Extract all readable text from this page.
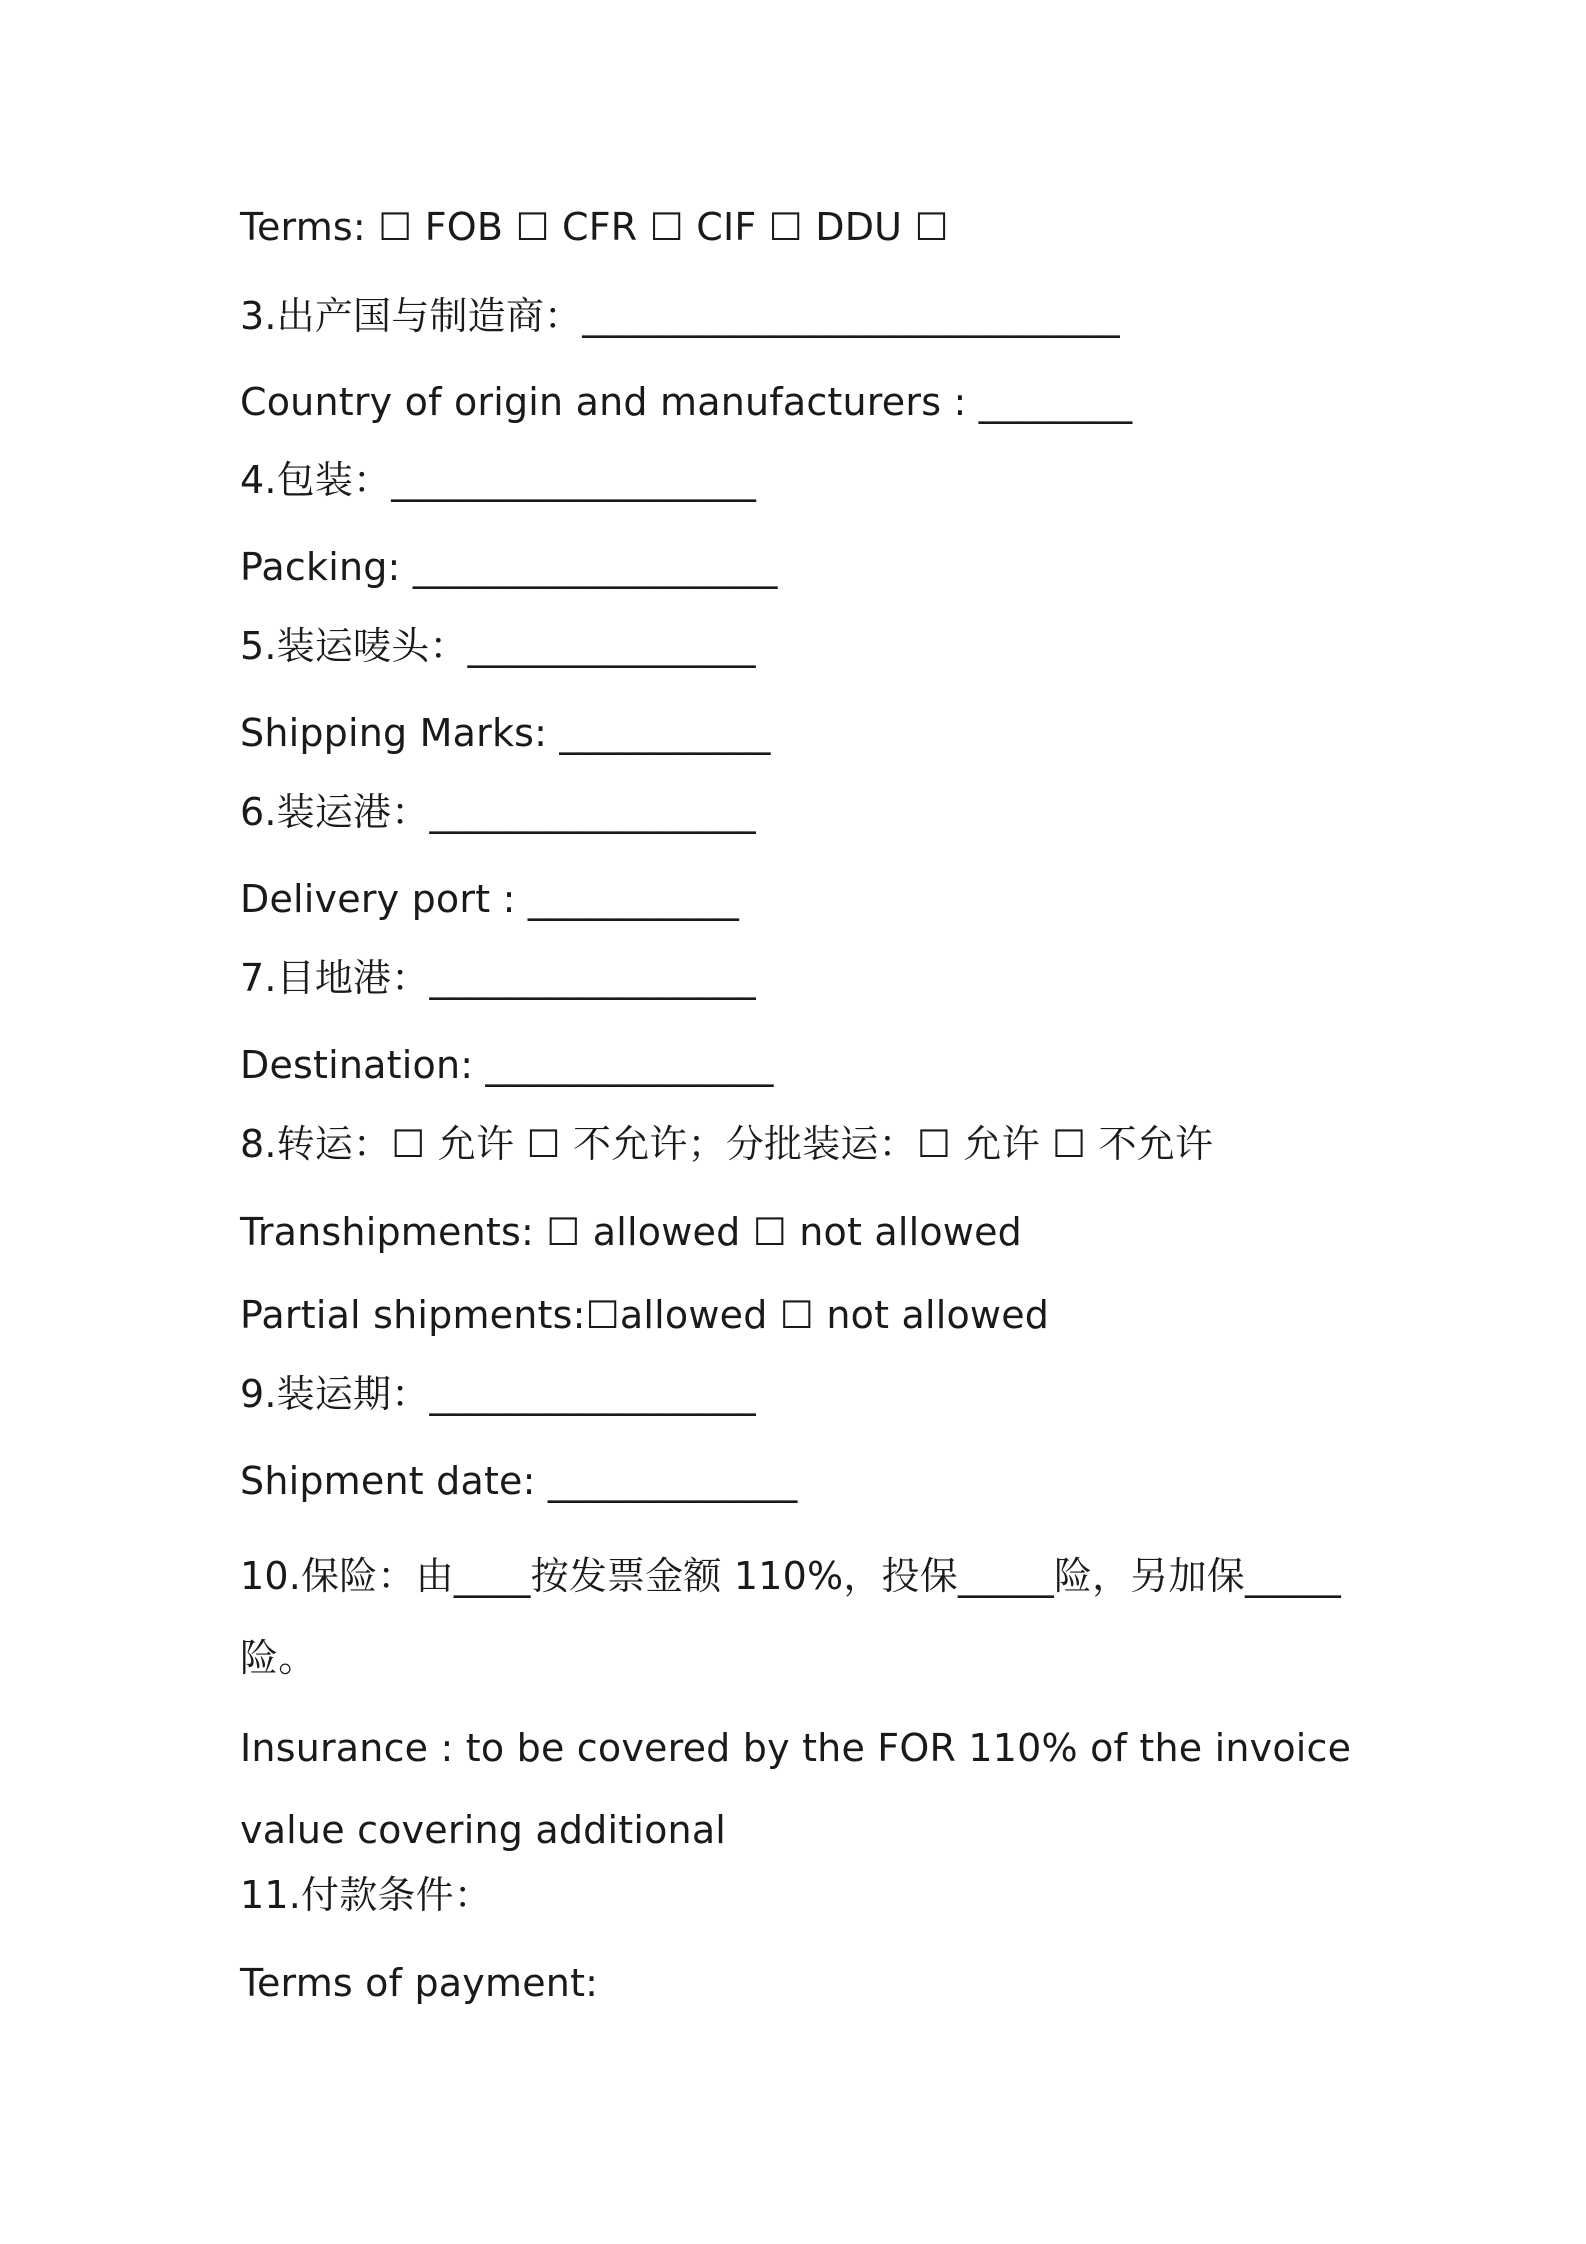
Terms: ☐ FOB ☐ CFR ☐ CIF ☐ DDU ☐
3.出产国与制造商：____________________________
Country of origin and manufacturers : ________
4.包装：___________________
Packing: ___________________
5.装运唛头：_______________
Shipping Marks: ___________
6.装运港：_________________
Delivery port : ___________
7.目地港：_________________
Destination: _______________
8.转运：☐ 允许 ☐ 不允许；分批装运：☐ 允许 ☐ 不允许
Transhipments: ☐ allowed ☐ not allowed
Partial shipments:☐allowed ☐ not allowed
9.装运期：_________________
Shipment date: _____________
10.保险：由____按发票金额 110%，投保_____险，另加保_____险。
Insurance : to be covered by the FOR 110% of the invoice value covering additional
11.付款条件：
Terms of payment:
